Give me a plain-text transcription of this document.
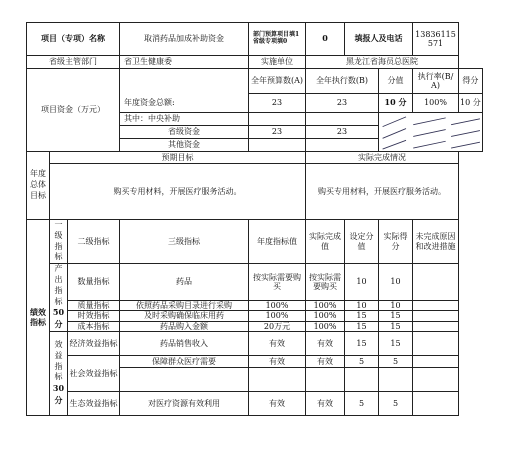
项目（专项）名称			取消药品加成补助资金	部门预算项目填1 省级专项填0	0	填报人及电话		13836115571	
省级主管部门			省卫生健康委	实施单位	黑龙江省海员总医院				
项目资金（万元）				全年预算数(A)	全年执行数(B)		分值	执行率(B/A)	得分
			年度资金总额:	23	23		10 分	100%	10 分
			其中：中央补助			

			省级资金	23	23				
			其他资金						
年度总体目标	预期目标				实际完成情况				
	购买专用材料，开展医疗服务活动。				购买专用材料，开展医疗服务活动。				
绩效指标	一级指标	二级指标	三级指标	年度指标值	实际完成值	设定分值	实际得分	未完成原因和改进措施	
	产出指标
50分	数量指标	药品	按实际需要购买	按实际需要购买	10	10		
		质量指标	依照药品采购目录进行采购	100%	100%	10	10		
		时效指标	及时采购确保临床用药	100%	100%	15	15		
		成本指标	药品购入金额	20万元	100%	15	15		
	效益指标
30分	经济效益指标	药品销售收入	有效	有效	15	15		
		社会效益指标	保障群众医疗需要	有效	有效	5	5		

		生态效益指标	对医疗资源有效利用	有效	有效	5	5		
